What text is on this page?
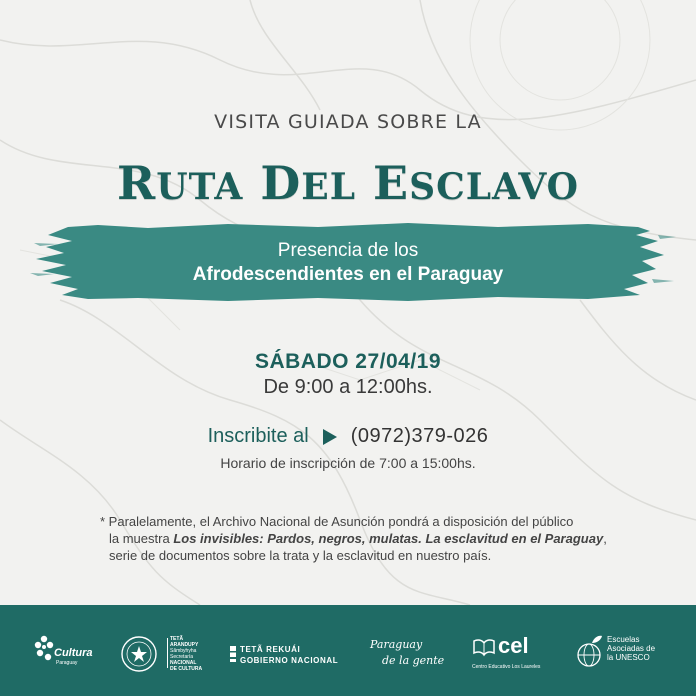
VISITA GUIADA SOBRE LA
RUTA DEL ESCLAVO
Presencia de los
Afrodescendientes en el Paraguay
SÁBADO 27/04/19
De 9:00 a 12:00hs.
Inscribite al (0972)379-026
Horario de inscripción de 7:00 a 15:00hs.
* Paralelamente, el Archivo Nacional de Asunción pondrá a disposición del público
la muestra Los invisibles: Pardos, negros, mulatas. La esclavitud en el Paraguay,
serie de documentos sobre la trata y la esclavitud en nuestro país.
Cultura
Paraguay
TETÃ
ARANDUPY
Sãmbyhyha
Secretaría
NACIONAL
DE CULTURA
TETÃ REKUÁI
GOBIERNO NACIONAL
Paraguay
de la gente
cel
Centro Educativo Los Laureles
Escuelas
Asociadas de
la UNESCO
